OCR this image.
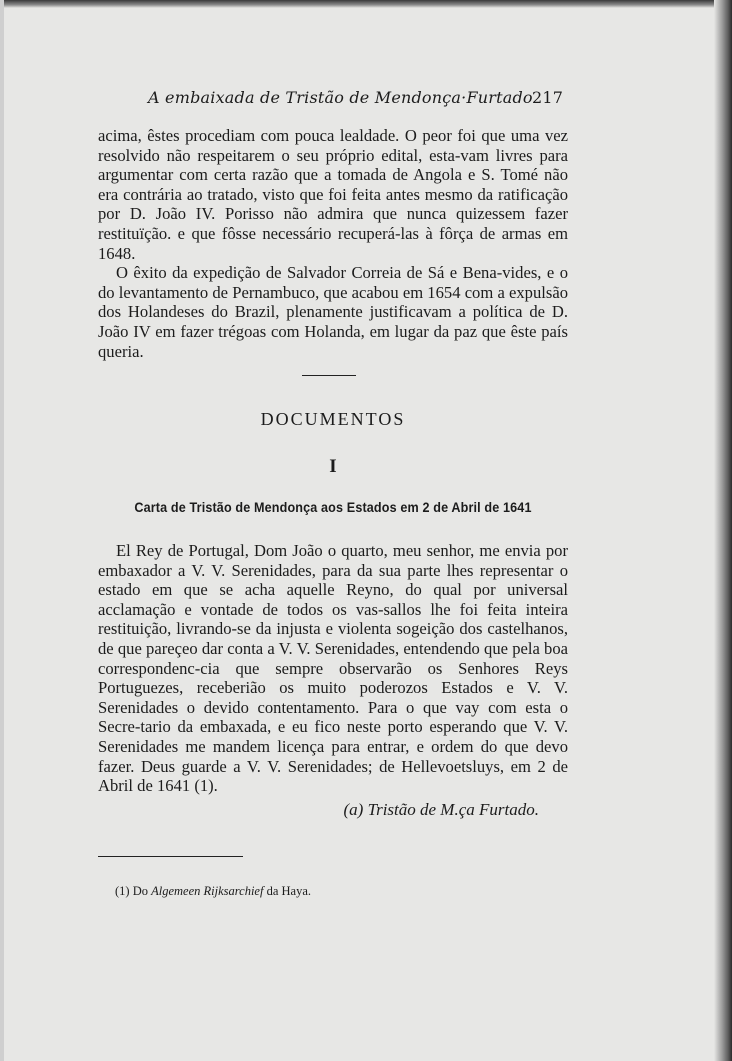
A embaixada de Tristão de Mendonça·Furtado 217

acima, êstes procediam com pouca lealdade. O peor foi que uma vez resolvido não respeitarem o seu próprio edital, esta-vam livres para argumentar com certa razão que a tomada de Angola e S. Tomé não era contrária ao tratado, visto que foi feita antes mesmo da ratificação por D. João IV. Porisso não admira que nunca quizessem fazer restituïção. e que fôsse necessário recuperá-las à fôrça de armas em 1648.

O êxito da expedição de Salvador Correia de Sá e Bena-vides, e o do levantamento de Pernambuco, que acabou em 1654 com a expulsão dos Holandeses do Brazil, plenamente justificavam a política de D. João IV em fazer trégoas com Holanda, em lugar da paz que êste país queria.

DOCUMENTOS
I
Carta de Tristão de Mendonça aos Estados em 2 de Abril de 1641

El Rey de Portugal, Dom João o quarto, meu senhor, me envia por embaxador a V. V. Serenidades, para da sua parte lhes representar o estado em que se acha aquelle Reyno, do qual por universal acclamação e vontade de todos os vas-sallos lhe foi feita inteira restituição, livrando-se da injusta e violenta sogeição dos castelhanos, de que pareçeo dar conta a V. V. Serenidades, entendendo que pela boa correspondenc-cia que sempre observarão os Senhores Reys Portuguezes, receberião os muito poderozos Estados e V. V. Serenidades o devido contentamento. Para o que vay com esta o Secre-tario da embaxada, e eu fico neste porto esperando que V. V. Serenidades me mandem licença para entrar, e ordem do que devo fazer. Deus guarde a V. V. Serenidades; de Hellevoetsluys, em 2 de Abril de 1641 (1).

(a) Tristão de M.ça Furtado.
(1) Do Algemeen Rijksarchief da Haya.
